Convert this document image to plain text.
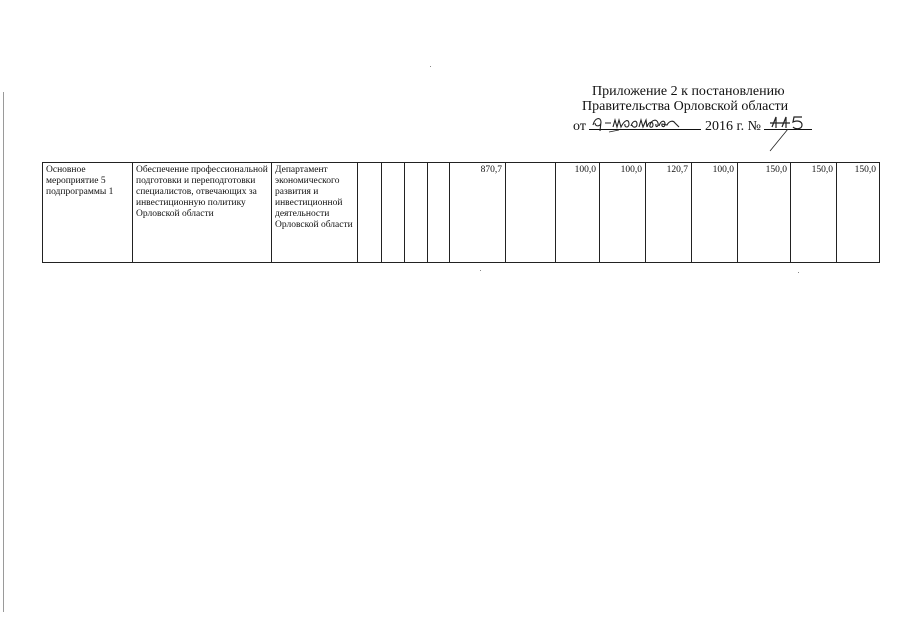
Приложение 2 к постановлению
Правительства Орловской области
от	2016 г. №
Основное мероприятие 5 подпрограммы 1	Обеспечение профессиональной подготовки и переподготовки специалистов, отвечающих за инвестиционную политику Орловской области	Департамент экономического развития и инвестиционной деятельности Орловской области					870,7		100,0	100,0	120,7	100,0	150,0	150,0	150,0
